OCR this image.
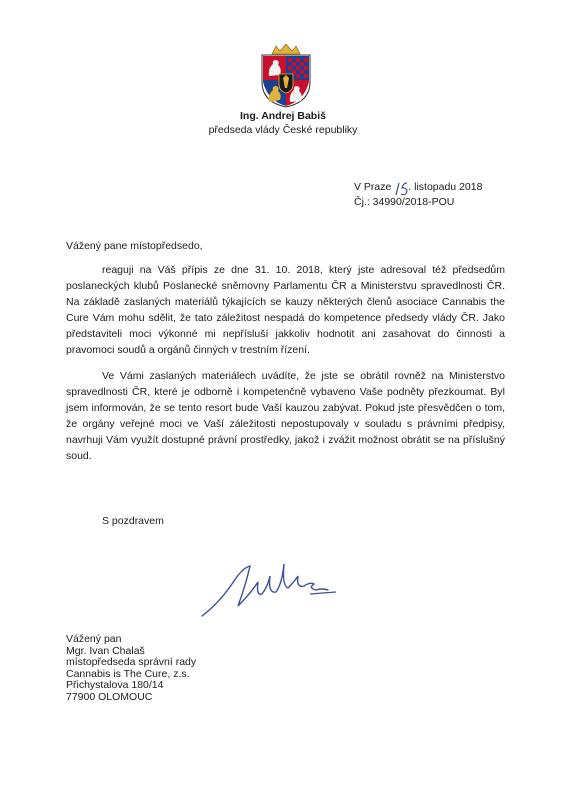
Ing. Andrej Babiš
předseda vlády České republiky
V Praze . listopadu 2018
Čj.: 34990/2018-POU
Vážený pane místopředsedo,

reaguji na Váš přípis ze dne 31. 10. 2018, který jste adresoval též předsedům poslaneckých klubů Poslanecké sněmovny Parlamentu ČR a Ministerstvu spravedlnosti ČR. Na základě zaslaných materiálů týkajících se kauzy některých členů asociace Cannabis the Cure Vám mohu sdělit, že tato záležitost nespadá do kompetence předsedy vlády ČR. Jako představiteli moci výkonné mi nepřísluší jakkoliv hodnotit ani zasahovat do činnosti a pravomoci soudů a orgánů činných v trestním řízení.

Ve Vámi zaslaných materiálech uvádíte, že jste se obrátil rovněž na Ministerstvo spravedlnosti ČR, které je odborně i kompetenčně vybaveno Vaše podněty přezkoumat. Byl jsem informován, že se tento resort bude Vaší kauzou zabývat. Pokud jste přesvědčen o tom, že orgány veřejné moci ve Vaší záležitosti nepostupovaly v souladu s právními předpisy, navrhuji Vám využít dostupné právní prostředky, jakož i zvážit možnost obrátit se na příslušný soud.

S pozdravem
Vážený pan
Mgr. Ivan Chalaš
místopředseda správní rady
Cannabis is The Cure, z.s.
Přichystalova 180/14
77900 OLOMOUC
